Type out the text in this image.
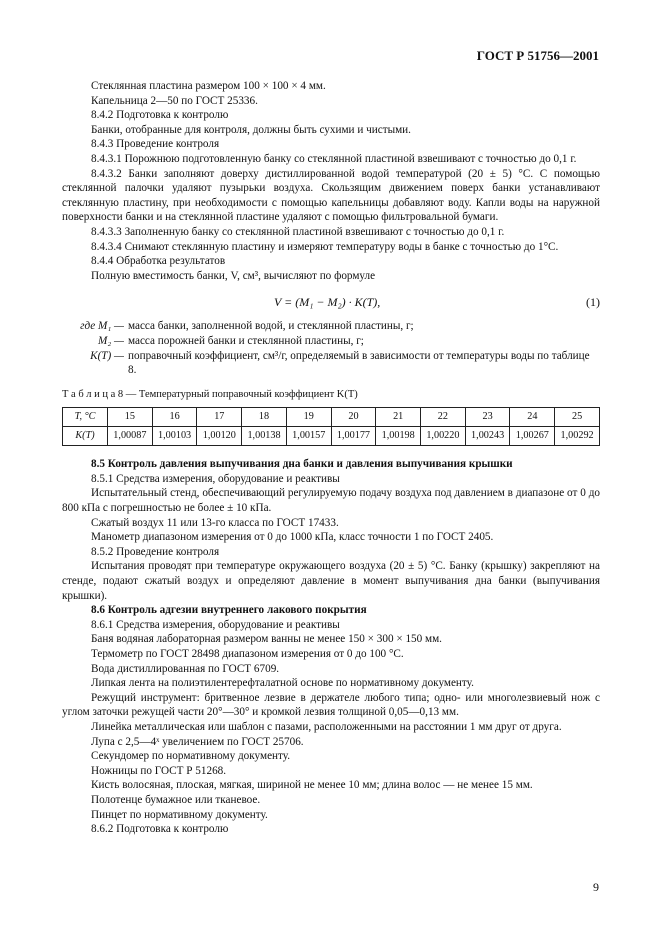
ГОСТ Р 51756—2001

Стеклянная пластина размером 100 × 100 × 4 мм.

Капельница 2—50 по ГОСТ 25336.

8.4.2 Подготовка к контролю

Банки, отобранные для контроля, должны быть сухими и чистыми.

8.4.3 Проведение контроля

8.4.3.1 Порожнюю подготовленную банку со стеклянной пластиной взвешивают с точностью до 0,1 г.

8.4.3.2 Банки заполняют доверху дистиллированной водой температурой (20 ± 5) °С. С помощью стеклянной палочки удаляют пузырьки воздуха. Скользящим движением поверх банки устанавливают стеклянную пластину, при необходимости с помощью капельницы добавляют воду. Капли воды на наружной поверхности банки и на стеклянной пластине удаляют с помощью фильтровальной бумаги.

8.4.3.3 Заполненную банку со стеклянной пластиной взвешивают с точностью до 0,1 г.

8.4.3.4 Снимают стеклянную пластину и измеряют температуру воды в банке с точностью до 1°С.

8.4.4 Обработка результатов

Полную вместимость банки, V, см³, вычисляют по формуле

V = (M₁ − M₂) · K(T),	(1)
где M₁ — масса банки, заполненной водой, и стеклянной пластины, г;
M₂ — масса порожней банки и стеклянной пластины, г;
K(T) — поправочный коэффициент, см³/г, определяемый в зависимости от температуры воды по таблице 8.
Т а б л и ц а 8 — Температурный поправочный коэффициент K(T)
T, °С	15	16	17	18	19	20	21	22	23	24	25
K(T)	1,00087	1,00103	1,00120	1,00138	1,00157	1,00177	1,00198	1,00220	1,00243	1,00267	1,00292

8.5 Контроль давления выпучивания дна банки и давления выпучивания крышки

8.5.1 Средства измерения, оборудование и реактивы

Испытательный стенд, обеспечивающий регулируемую подачу воздуха под давлением в диапазоне от 0 до 800 кПа с погрешностью не более ± 10 кПа.

Сжатый воздух 11 или 13-го класса по ГОСТ 17433.

Манометр диапазоном измерения от 0 до 1000 кПа, класс точности 1 по ГОСТ 2405.

8.5.2 Проведение контроля

Испытания проводят при температуре окружающего воздуха (20 ± 5) °С. Банку (крышку) закрепляют на стенде, подают сжатый воздух и определяют давление в момент выпучивания дна банки (выпучивания крышки).

8.6 Контроль адгезии внутреннего лакового покрытия

8.6.1 Средства измерения, оборудование и реактивы

Баня водяная лабораторная размером ванны не менее 150 × 300 × 150 мм.

Термометр по ГОСТ 28498 диапазоном измерения от 0 до 100 °С.

Вода дистиллированная по ГОСТ 6709.

Липкая лента на полиэтилентерефталатной основе по нормативному документу.

Режущий инструмент: бритвенное лезвие в держателе любого типа; одно- или многолезвиевый нож с углом заточки режущей части 20°—30° и кромкой лезвия толщиной 0,05—0,13 мм.

Линейка металлическая или шаблон с пазами, расположенными на расстоянии 1 мм друг от друга.

Лупа с 2,5—4ˣ увеличением по ГОСТ 25706.

Секундомер по нормативному документу.

Ножницы по ГОСТ Р 51268.

Кисть волосяная, плоская, мягкая, шириной не менее 10 мм; длина волос — не менее 15 мм.

Полотенце бумажное или тканевое.

Пинцет по нормативному документу.

8.6.2 Подготовка к контролю

9
